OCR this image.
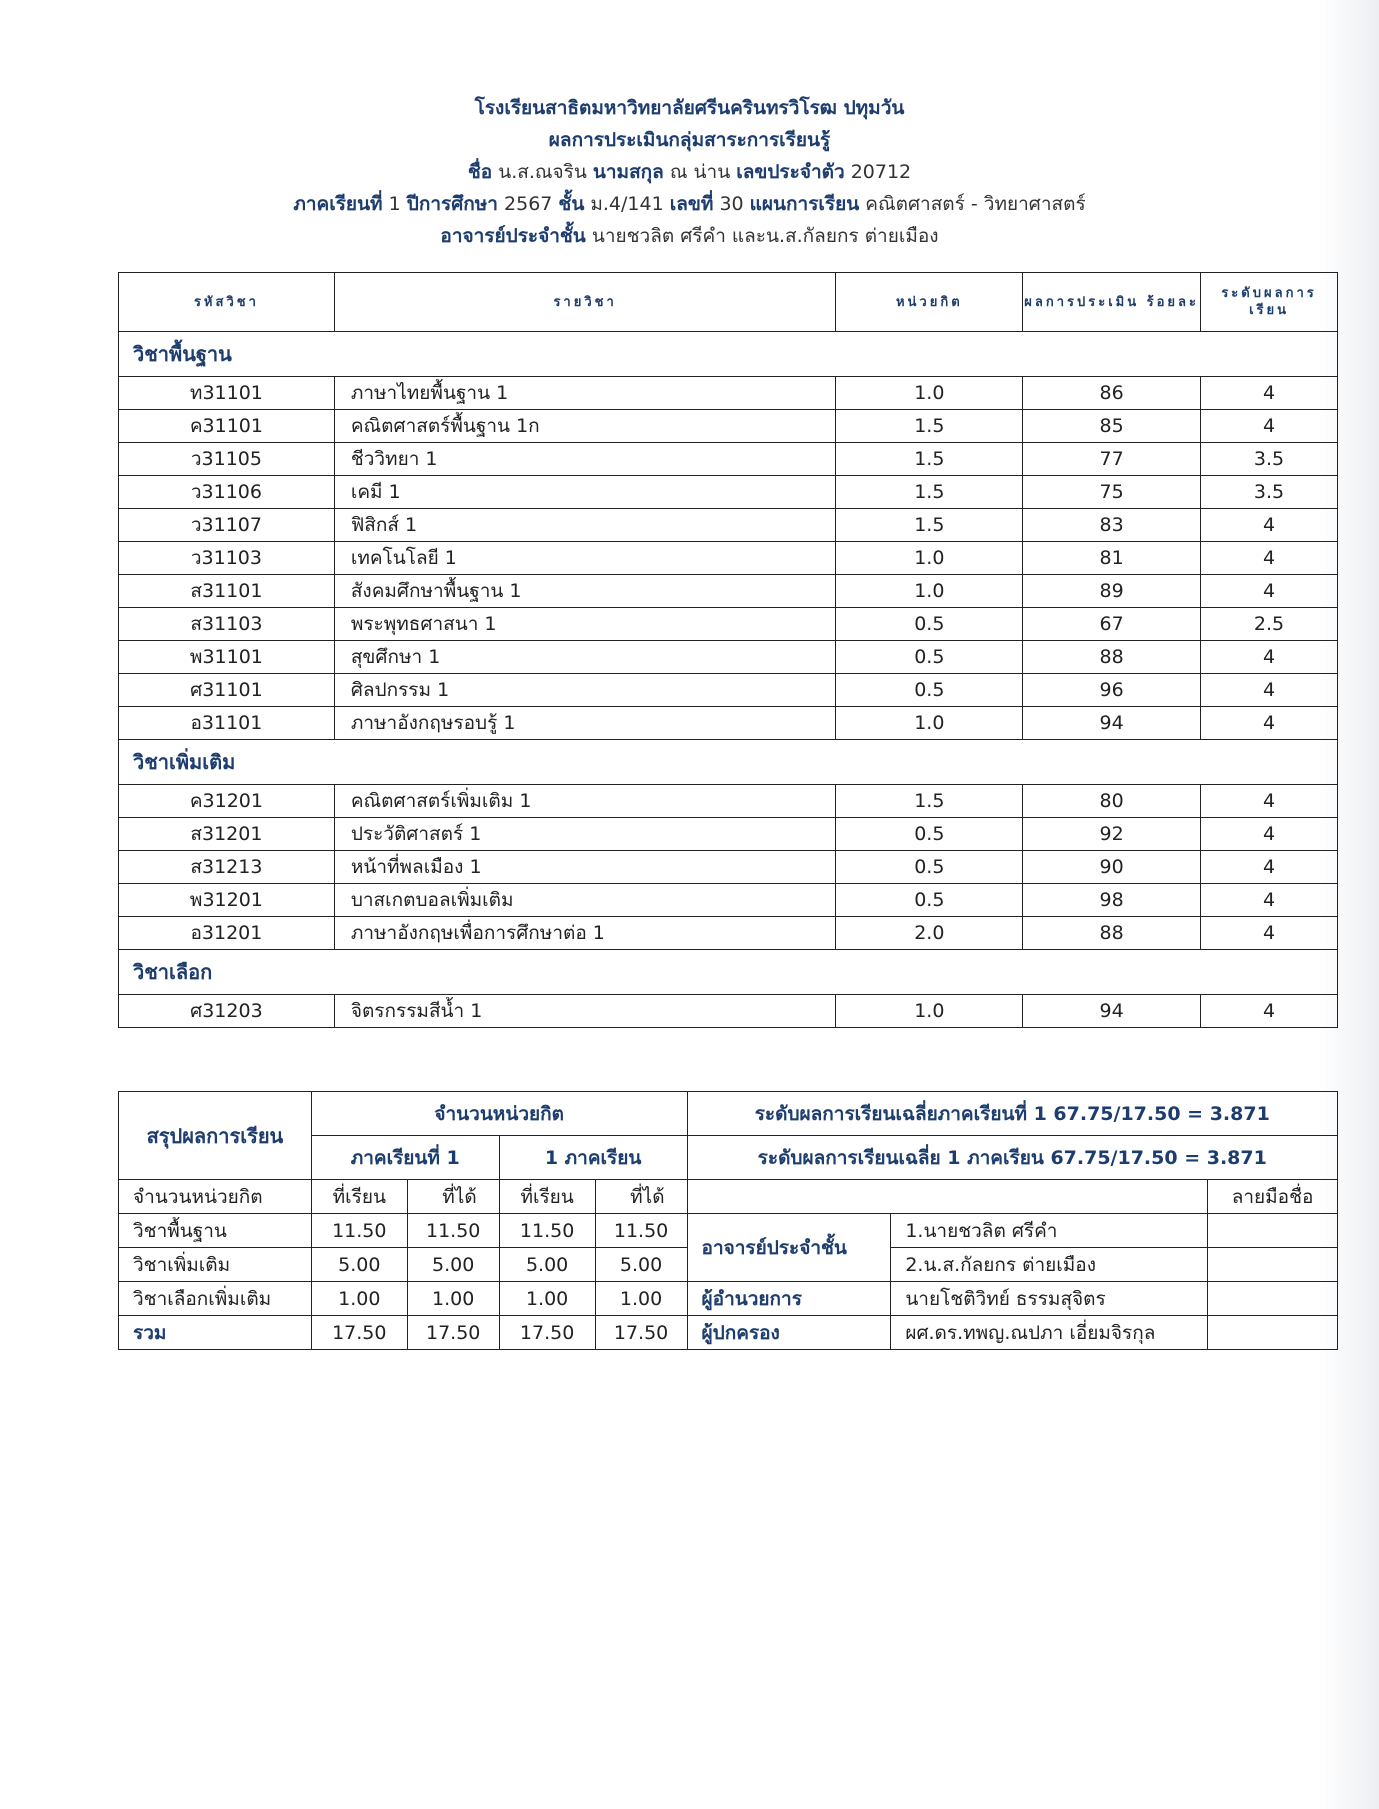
โรงเรียนสาธิตมหาวิทยาลัยศรีนครินทรวิโรฒ ปทุมวัน
ผลการประเมินกลุ่มสาระการเรียนรู้
ชื่อ น.ส.ณจริน นามสกุล ณ น่าน เลขประจำตัว 20712
ภาคเรียนที่ 1 ปีการศึกษา 2567 ชั้น ม.4/141 เลขที่ 30 แผนการเรียน คณิตศาสตร์ - วิทยาศาสตร์
อาจารย์ประจำชั้น นายชวลิต ศรีคำ และน.ส.กัลยกร ต่ายเมือง
รหัสวิชา	รายวิชา	หน่วยกิต	ผลการประเมิน ร้อยละ	ระดับผลการ เรียน
วิชาพื้นฐาน				
ท31101	ภาษาไทยพื้นฐาน 1	1.0	86	4
ค31101	คณิตศาสตร์พื้นฐาน 1ก	1.5	85	4
ว31105	ชีววิทยา 1	1.5	77	3.5
ว31106	เคมี 1	1.5	75	3.5
ว31107	ฟิสิกส์ 1	1.5	83	4
ว31103	เทคโนโลยี 1	1.0	81	4
ส31101	สังคมศึกษาพื้นฐาน 1	1.0	89	4
ส31103	พระพุทธศาสนา 1	0.5	67	2.5
พ31101	สุขศึกษา 1	0.5	88	4
ศ31101	ศิลปกรรม 1	0.5	96	4
อ31101	ภาษาอังกฤษรอบรู้ 1	1.0	94	4
วิชาเพิ่มเติม				
ค31201	คณิตศาสตร์เพิ่มเติม 1	1.5	80	4
ส31201	ประวัติศาสตร์ 1	0.5	92	4
ส31213	หน้าที่พลเมือง 1	0.5	90	4
พ31201	บาสเกตบอลเพิ่มเติม	0.5	98	4
อ31201	ภาษาอังกฤษเพื่อการศึกษาต่อ 1	2.0	88	4
วิชาเลือก				
ศ31203	จิตรกรรมสีน้ำ 1	1.0	94	4
สรุปผลการเรียน	จำนวนหน่วยกิต				ระดับผลการเรียนเฉลี่ยภาคเรียนที่ 1 67.75/17.50 = 3.871		
	ภาคเรียนที่ 1		1 ภาคเรียน		ระดับผลการเรียนเฉลี่ย 1 ภาคเรียน 67.75/17.50 = 3.871		
จำนวนหน่วยกิต	ที่เรียน	ที่ได้	ที่เรียน	ที่ได้			ลายมือชื่อ
วิชาพื้นฐาน	11.50	11.50	11.50	11.50	อาจารย์ประจำชั้น	1.นายชวลิต ศรีคำ	
วิชาเพิ่มเติม	5.00	5.00	5.00	5.00		2.น.ส.กัลยกร ต่ายเมือง	
วิชาเลือกเพิ่มเติม	1.00	1.00	1.00	1.00	ผู้อำนวยการ	นายโชติวิทย์ ธรรมสุจิตร	
รวม	17.50	17.50	17.50	17.50	ผู้ปกครอง	ผศ.ดร.ทพญ.ณปภา เอี่ยมจิรกุล	
